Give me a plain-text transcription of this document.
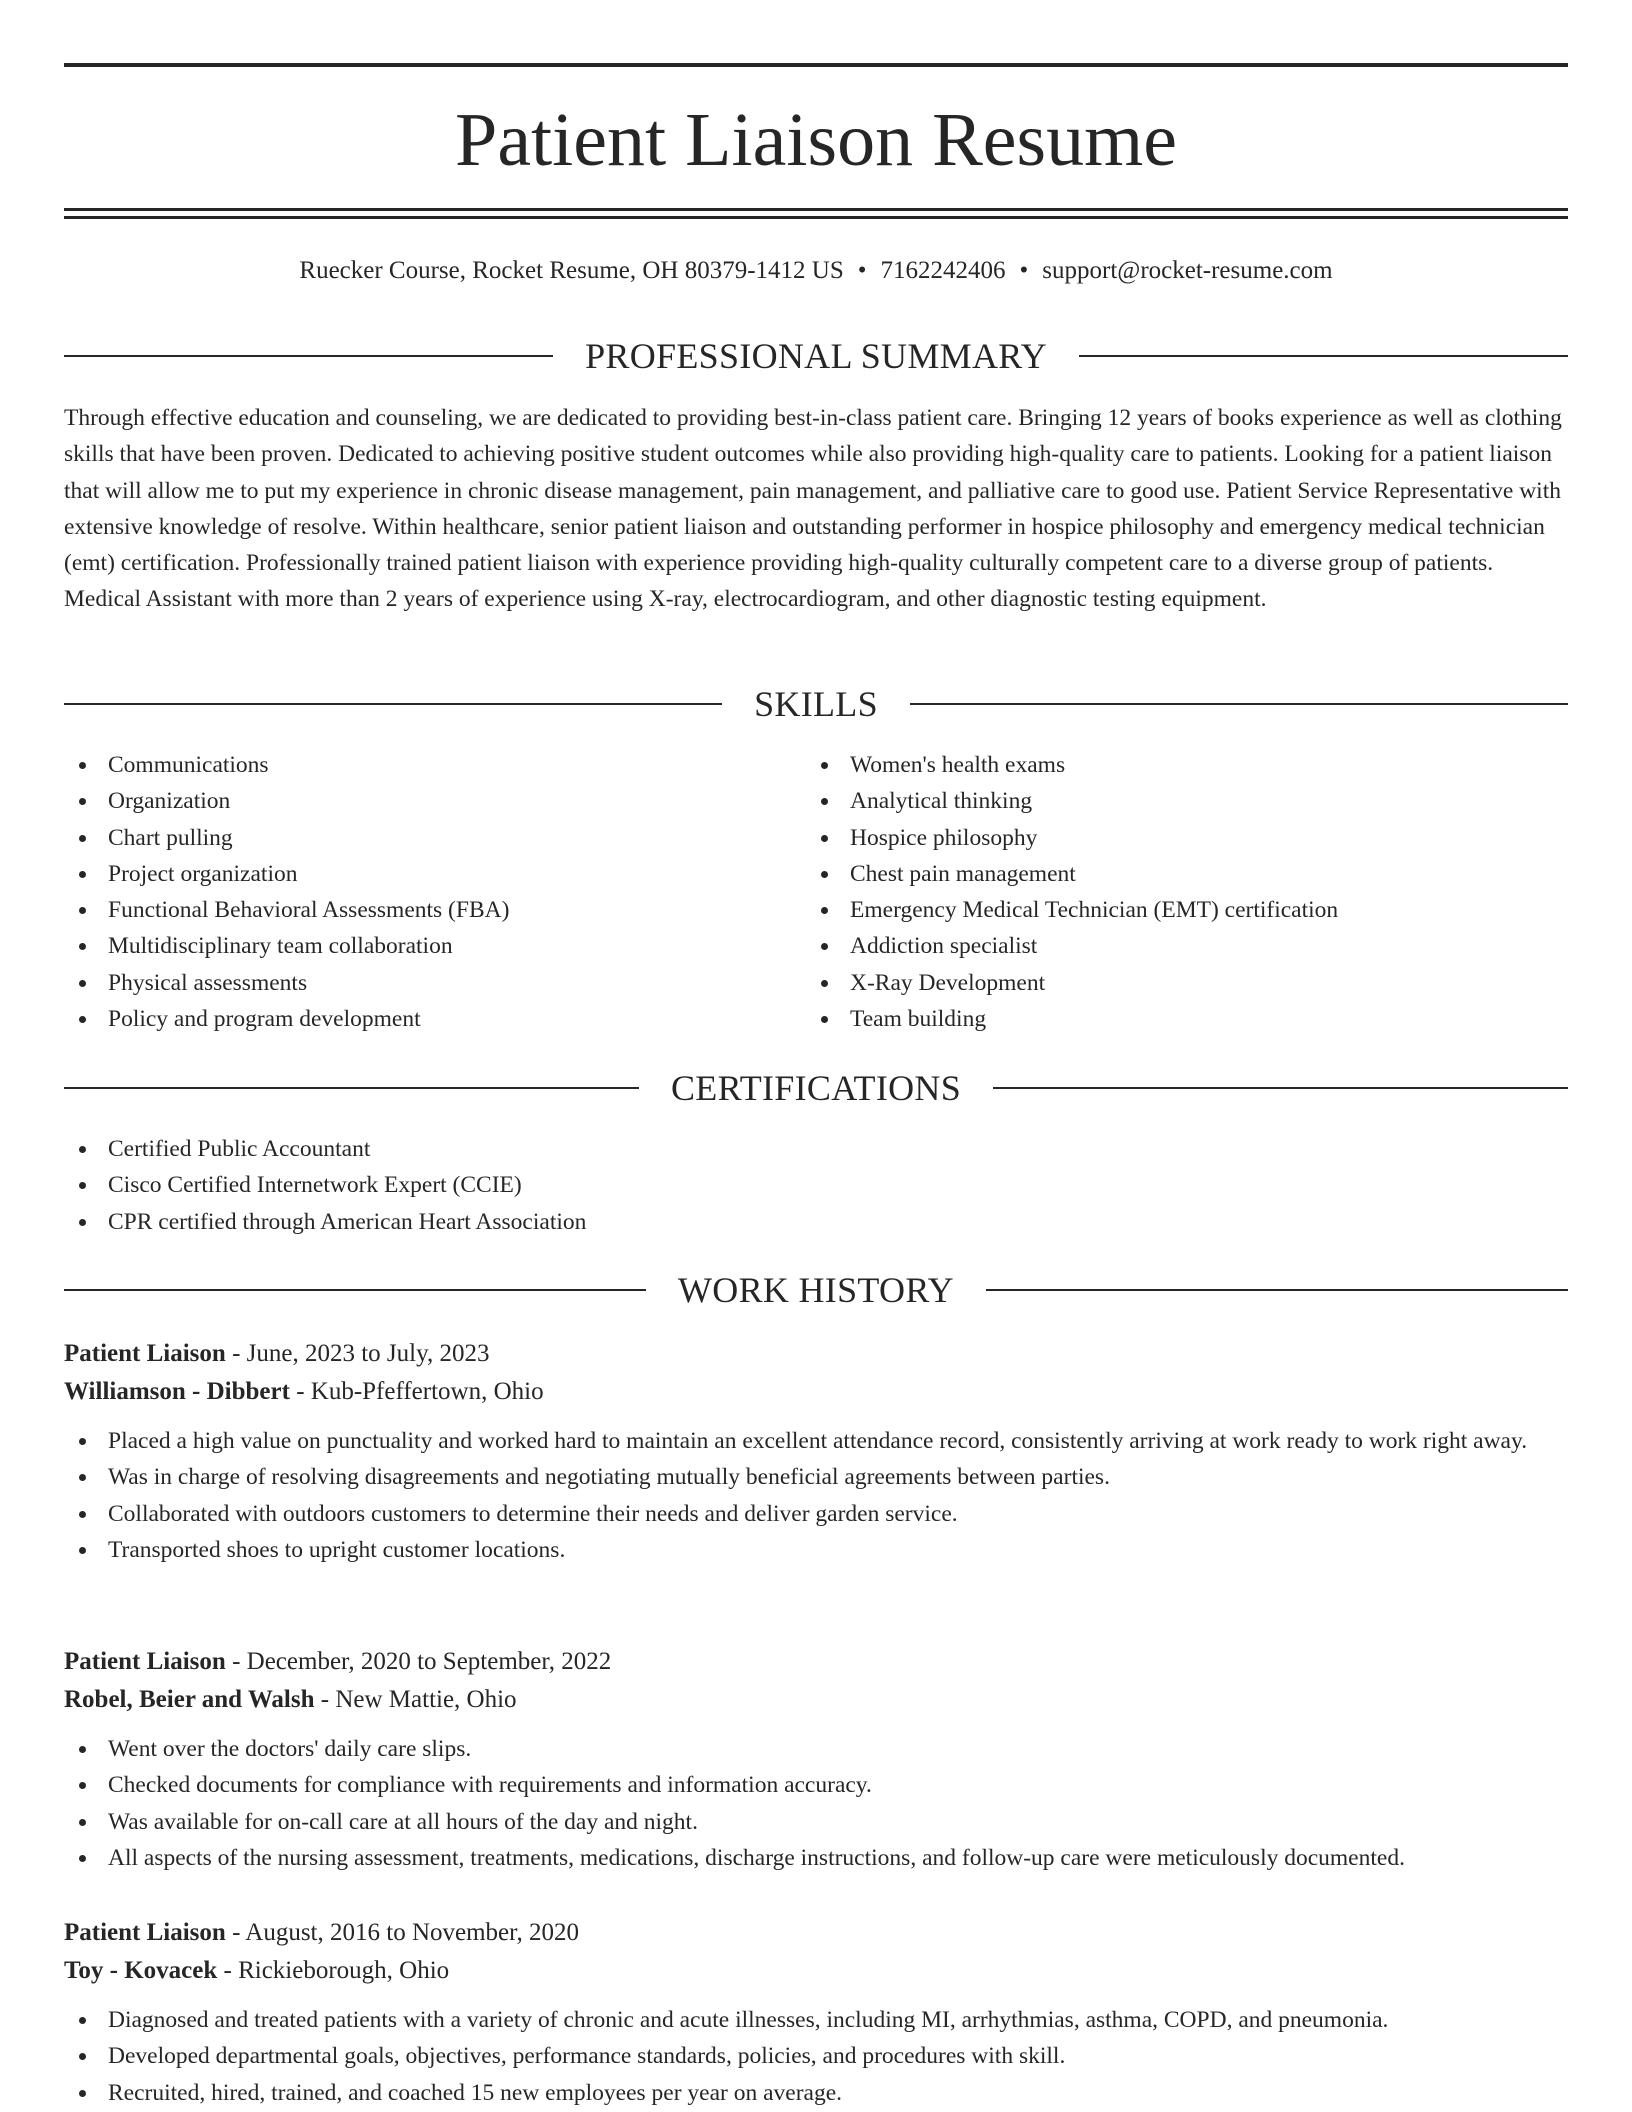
Patient Liaison Resume
Ruecker Course, Rocket Resume, OH 80379-1412 US • 7162242406 • support@rocket-resume.com
PROFESSIONAL SUMMARY

Through effective education and counseling, we are dedicated to providing best-in-class patient care. Bringing 12 years of books experience as well as clothing skills that have been proven. Dedicated to achieving positive student outcomes while also providing high-quality care to patients. Looking for a patient liaison that will allow me to put my experience in chronic disease management, pain management, and palliative care to good use. Patient Service Representative with extensive knowledge of resolve. Within healthcare, senior patient liaison and outstanding performer in hospice philosophy and emergency medical technician (emt) certification. Professionally trained patient liaison with experience providing high-quality culturally competent care to a diverse group of patients. Medical Assistant with more than 2 years of experience using X-ray, electrocardiogram, and other diagnostic testing equipment.

SKILLS
Communications
Organization
Chart pulling
Project organization
Functional Behavioral Assessments (FBA)
Multidisciplinary team collaboration
Physical assessments
Policy and program development
Women's health exams
Analytical thinking
Hospice philosophy
Chest pain management
Emergency Medical Technician (EMT) certification
Addiction specialist
X-Ray Development
Team building
CERTIFICATIONS
Certified Public Accountant
Cisco Certified Internetwork Expert (CCIE)
CPR certified through American Heart Association
WORK HISTORY
Patient Liaison - June, 2023 to July, 2023
Williamson - Dibbert - Kub-Pfeffertown, Ohio
Placed a high value on punctuality and worked hard to maintain an excellent attendance record, consistently arriving at work ready to work right away.
Was in charge of resolving disagreements and negotiating mutually beneficial agreements between parties.
Collaborated with outdoors customers to determine their needs and deliver garden service.
Transported shoes to upright customer locations.
Patient Liaison - December, 2020 to September, 2022
Robel, Beier and Walsh - New Mattie, Ohio
Went over the doctors' daily care slips.
Checked documents for compliance with requirements and information accuracy.
Was available for on-call care at all hours of the day and night.
All aspects of the nursing assessment, treatments, medications, discharge instructions, and follow-up care were meticulously documented.
Patient Liaison - August, 2016 to November, 2020
Toy - Kovacek - Rickieborough, Ohio
Diagnosed and treated patients with a variety of chronic and acute illnesses, including MI, arrhythmias, asthma, COPD, and pneumonia.
Developed departmental goals, objectives, performance standards, policies, and procedures with skill.
Recruited, hired, trained, and coached 15 new employees per year on average.
